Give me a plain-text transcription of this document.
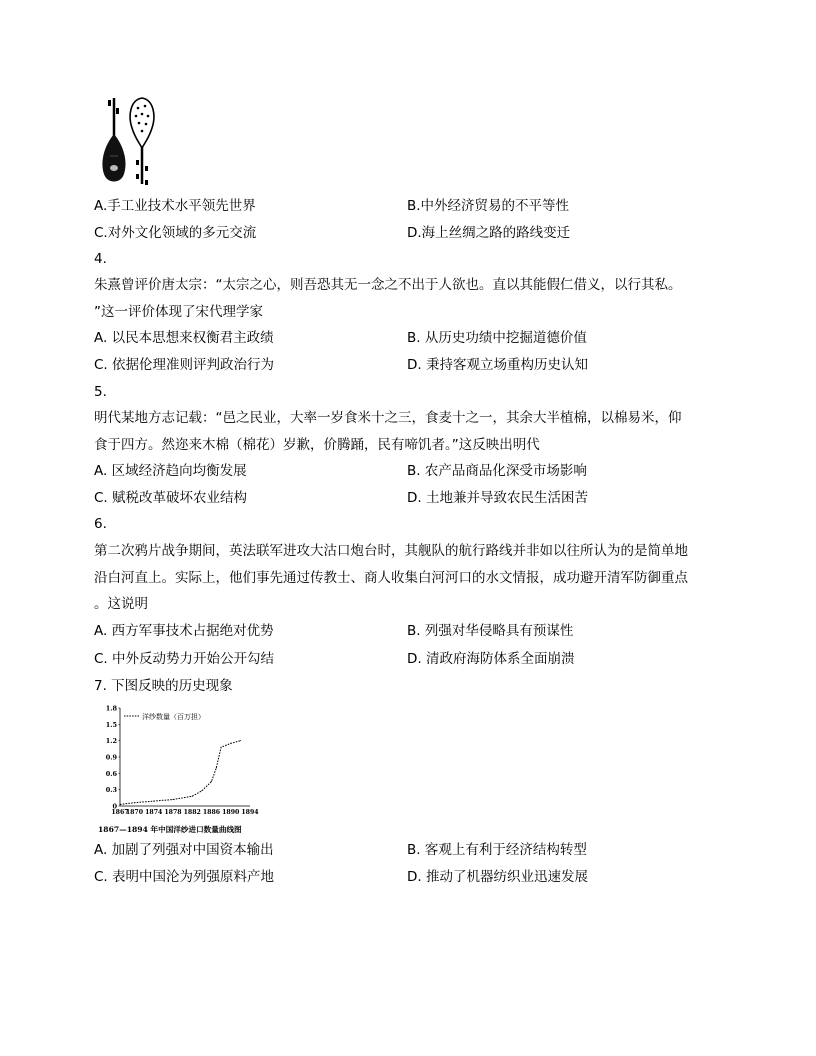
A.手工业技术水平领先世界	B.中外经济贸易的不平等性
C.对外文化领域的多元交流	D.海上丝绸之路的路线变迁
4.
朱熹曾评价唐太宗：“太宗之心，则吾恐其无一念之不出于人欲也。直以其能假仁借义，以行其私。
”这一评价体现了宋代理学家
A. 以民本思想来权衡君主政绩	B. 从历史功绩中挖掘道德价值
C. 依据伦理准则评判政治行为	D. 秉持客观立场重构历史认知
5.
明代某地方志记载：“邑之民业，大率一岁食米十之三，食麦十之一，其余大半植棉，以棉易米，仰
食于四方。然迩来木棉（棉花）岁歉，价腾踊，民有啼饥者。”这反映出明代
A. 区域经济趋向均衡发展	B. 农产品商品化深受市场影响
C. 赋税改革破坏农业结构	D. 土地兼并导致农民生活困苦
6.
第二次鸦片战争期间，英法联军进攻大沽口炮台时，其舰队的航行路线并非如以往所认为的是简单地
沿白河直上。实际上，他们事先通过传教士、商人收集白河河口的水文情报，成功避开清军防御重点
。这说明
A. 西方军事技术占据绝对优势	B. 列强对华侵略具有预谋性
C. 中外反动势力开始公开勾结	D. 清政府海防体系全面崩溃
7. 下图反映的历史现象
0
0.3
0.6
0.9
1.2
1.5
1.8
1867
1870 1874 1878 1882 1886 1890 1894
洋纱数量（百万担）
1867—1894 年中国洋纱进口数量曲线图
A. 加剧了列强对中国资本输出	B. 客观上有利于经济结构转型
C. 表明中国沦为列强原料产地	D. 推动了机器纺织业迅速发展
